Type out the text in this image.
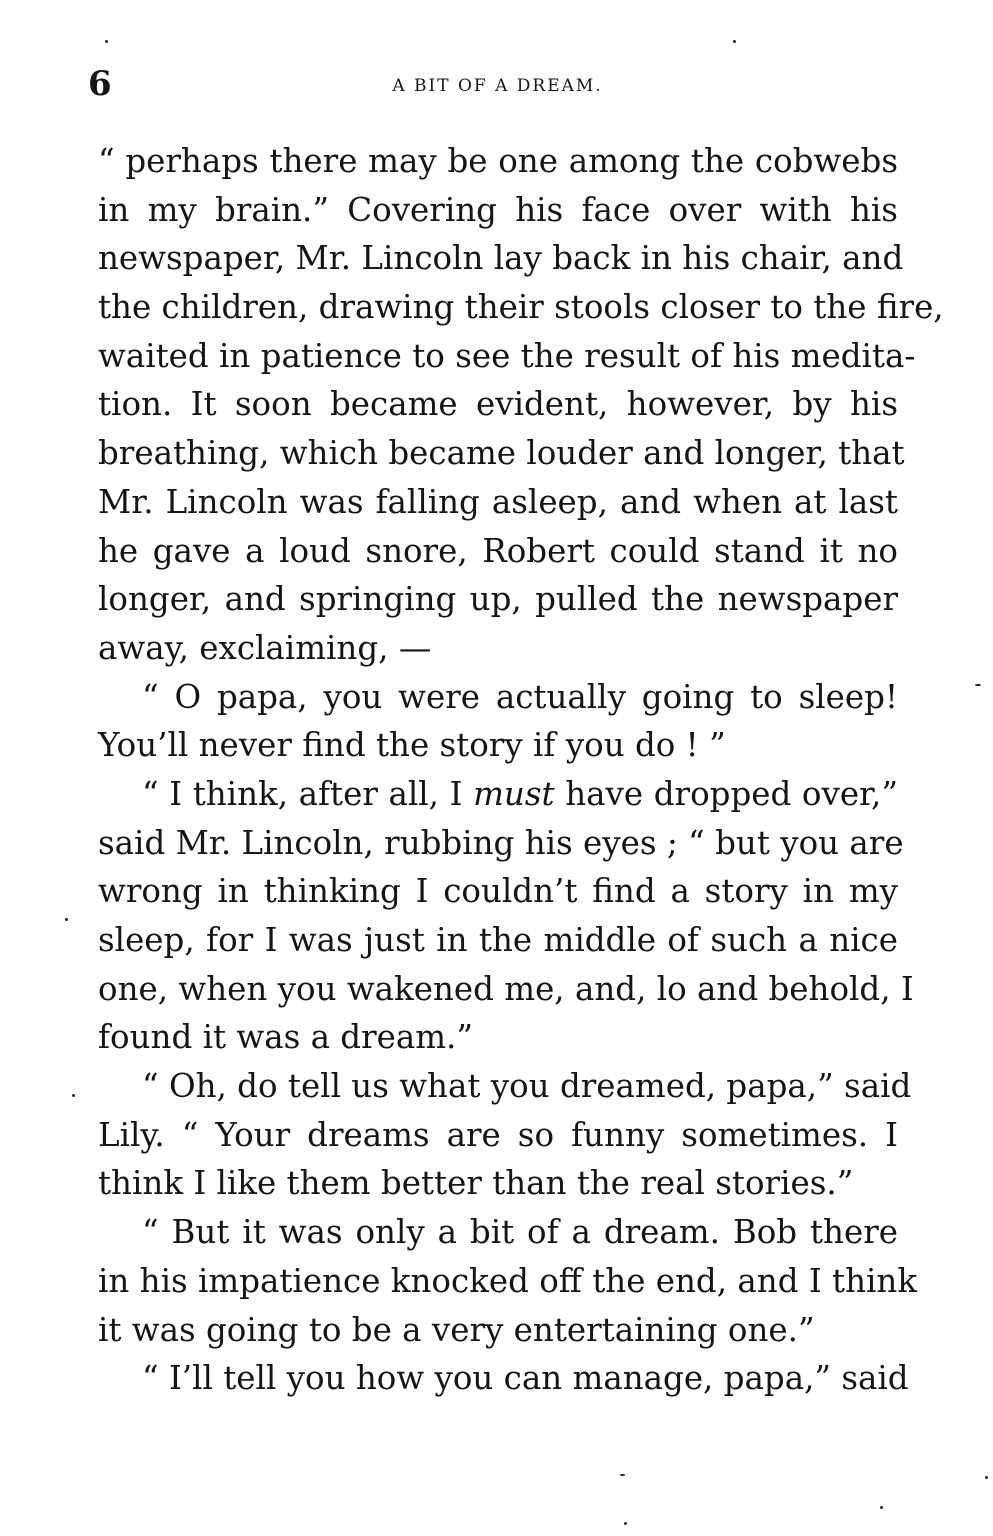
6	A BIT OF A DREAM.
“ perhaps there may be one among the cobwebs
in my brain.” Covering his face over with his
newspaper, Mr. Lincoln lay back in his chair, and
the children, drawing their stools closer to the fire,
waited in patience to see the result of his medita-
tion. It soon became evident, however, by his
breathing, which became louder and longer, that
Mr. Lincoln was falling asleep, and when at last
he gave a loud snore, Robert could stand it no
longer, and springing up, pulled the newspaper
away, exclaiming, —
“ O papa, you were actually going to sleep!
You’ll never find the story if you do ! ”
“ I think, after all, I must have dropped over,”
said Mr. Lincoln, rubbing his eyes ; “ but you are
wrong in thinking I couldn’t find a story in my
sleep, for I was just in the middle of such a nice
one, when you wakened me, and, lo and behold, I
found it was a dream.”
“ Oh, do tell us what you dreamed, papa,” said
Lily. “ Your dreams are so funny sometimes. I
think I like them better than the real stories.”
“ But it was only a bit of a dream. Bob there
in his impatience knocked off the end, and I think
it was going to be a very entertaining one.”
“ I’ll tell you how you can manage, papa,” said
